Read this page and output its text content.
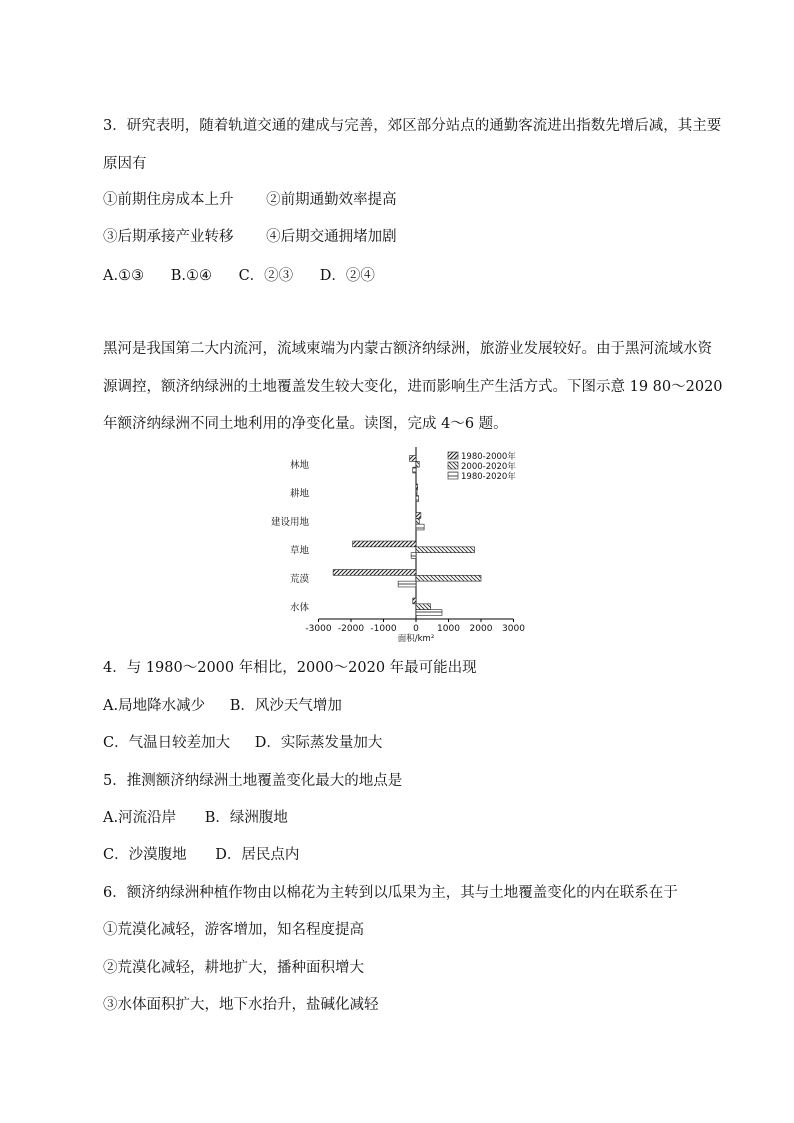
3．研究表明，随着轨道交通的建成与完善，郊区部分站点的通勤客流进出指数先增后减，其主要
原因有
①前期住房成本上升 ②前期通勤效率提高
③后期承接产业转移 ④后期交通拥堵加剧
A.①③ B.①④ C．②③ D．②④
黑河是我国第二大内流河，流域柬端为内蒙古额济纳绿洲，旅游业发展较好。由于黑河流域水资
源调控，额济纳绿洲的土地覆盖发生较大变化，进而影响生产生活方式。下图示意 19 80～2020
年额济纳绿洲不同土地利用的净变化量。读图，完成 4～6 题。
-3000 -2000 -1000 0 1000 2000 3000
面积/km²
林地
耕地
建设用地
草地
荒漠
水体
1980-2000年
2000-2020年
1980-2020年
4．与 1980～2000 年相比，2000～2020 年最可能出现
A.局地降水减少 B．风沙天气增加
C．气温日较差加大 D．实际蒸发量加大
5．推测额济纳绿洲土地覆盖变化最大的地点是
A.河流沿岸 B．绿洲腹地
C．沙漠腹地 D．居民点内
6．额济纳绿洲种植作物由以棉花为主转到以瓜果为主，其与土地覆盖变化的内在联系在于
①荒漠化减轻，游客增加，知名程度提高
②荒漠化减轻，耕地扩大，播种面积增大
③水体面积扩大，地下水抬升，盐碱化减轻
